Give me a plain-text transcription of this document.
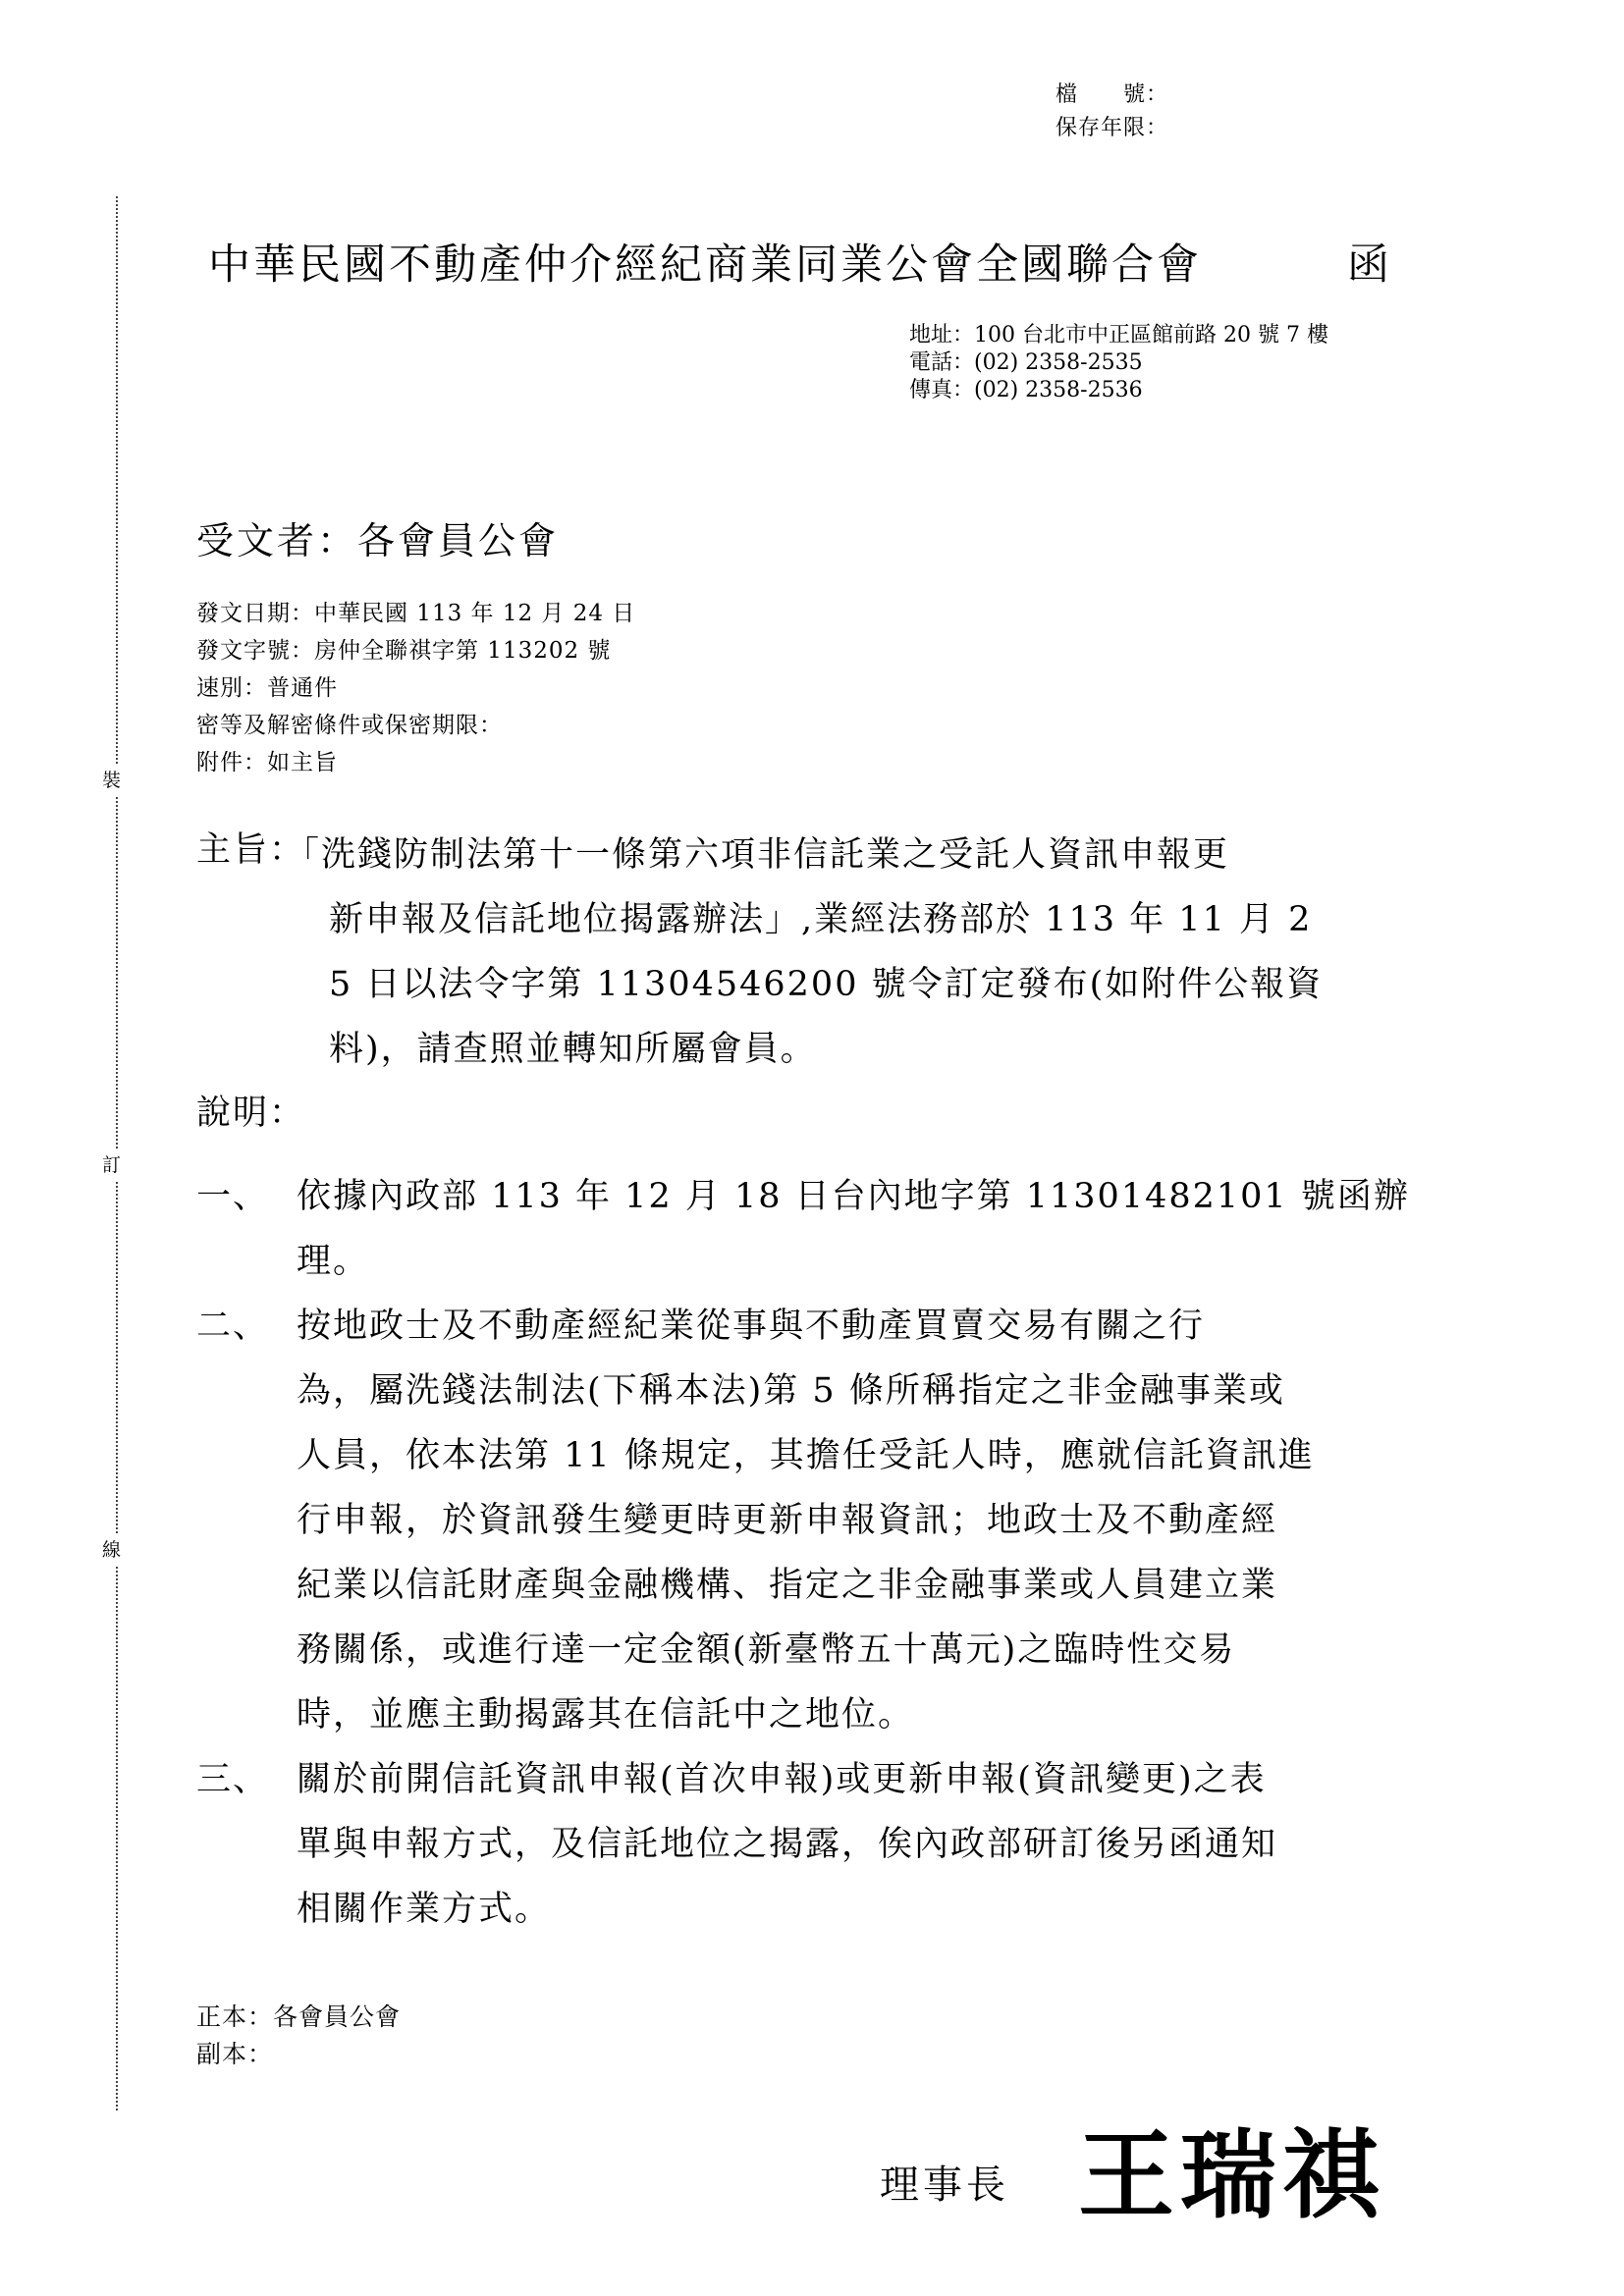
檔　　號：
保存年限：
裝
訂
線
中華民國不動產仲介經紀商業同業公會全國聯合會	函
地址：100 台北市中正區館前路 20 號 7 樓
電話：(02) 2358-2535
傳真：(02) 2358-2536
受文者：各會員公會
發文日期：中華民國 113 年 12 月 24 日
發文字號：房仲全聯祺字第 113202 號
速別：普通件
密等及解密條件或保密期限：
附件：如主旨
主旨：
「洗錢防制法第十一條第六項非信託業之受託人資訊申報更
新申報及信託地位揭露辦法」,業經法務部於 113 年 11 月 2
5 日以法令字第 11304546200 號令訂定發布(如附件公報資
料)，請查照並轉知所屬會員。
說明：
一、 依據內政部 113 年 12 月 18 日台內地字第 11301482101 號函辦
理。
二、 按地政士及不動產經紀業從事與不動產買賣交易有關之行
為，屬洗錢法制法(下稱本法)第 5 條所稱指定之非金融事業或
人員，依本法第 11 條規定，其擔任受託人時，應就信託資訊進
行申報，於資訊發生變更時更新申報資訊；地政士及不動產經
紀業以信託財產與金融機構、指定之非金融事業或人員建立業
務關係，或進行達一定金額(新臺幣五十萬元)之臨時性交易
時，並應主動揭露其在信託中之地位。
三、 關於前開信託資訊申報(首次申報)或更新申報(資訊變更)之表
單與申報方式，及信託地位之揭露，俟內政部研訂後另函通知
相關作業方式。
正本：各會員公會
副本：
理事長 王瑞祺
